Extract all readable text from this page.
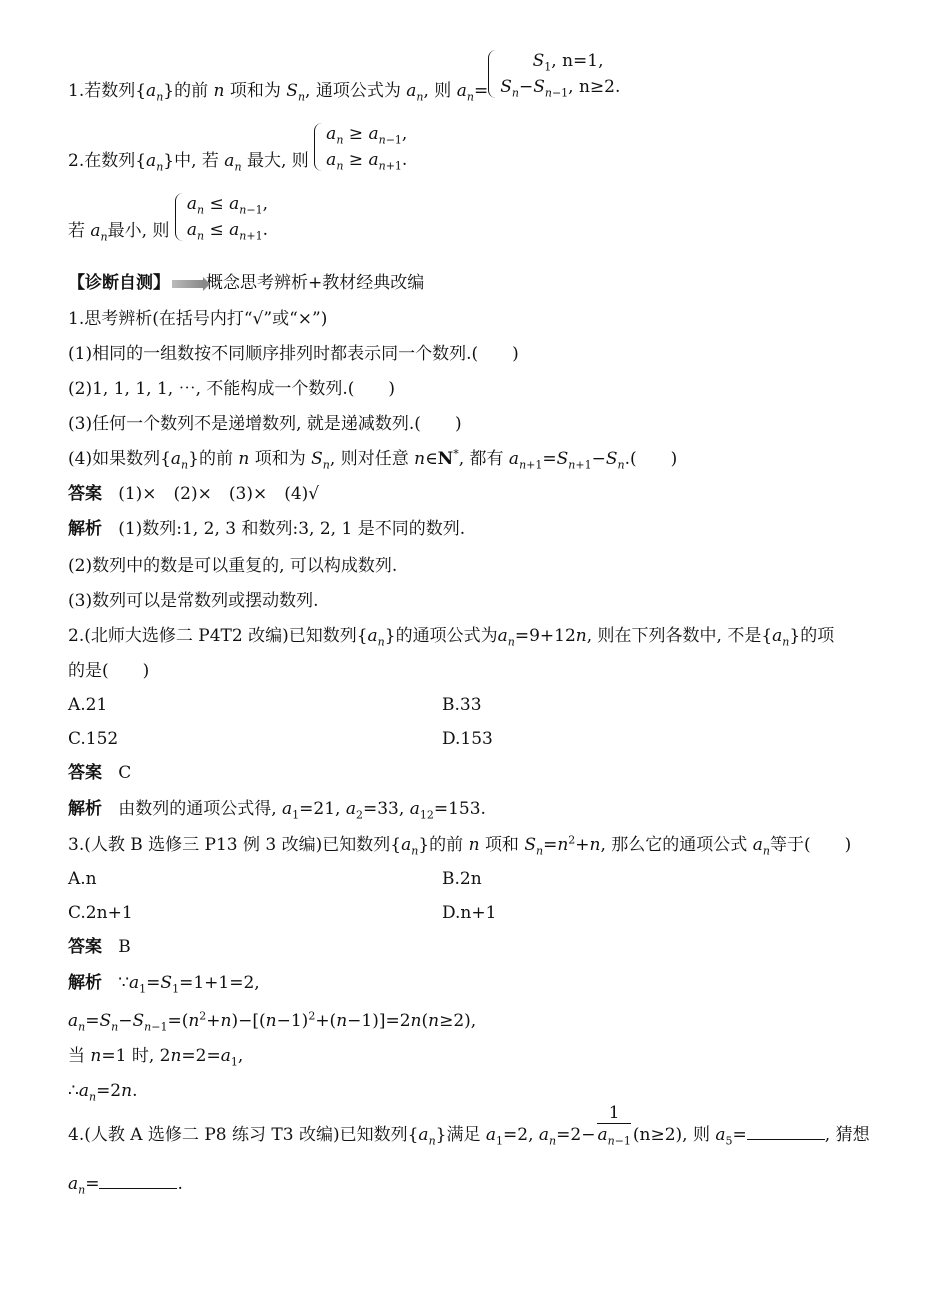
1.若数列$\{a_n\}$的前 n 项和为 $S_n$, 通项公式为 $a_n$, 则 $a_n=$
$S_1$, n=1,
$S_n-S_{n-1}$, n≥2.
2.在数列$\{a_n\}$中, 若 $a_n$ 最大, 则
$a_n \ge a_{n-1}$,
$a_n \ge a_{n+1}$.
若 $a_n$最小, 则
$a_n \le a_{n-1}$,
$a_n \le a_{n+1}$.
【诊断自测】 概念思考辨析+教材经典改编
1.思考辨析(在括号内打“√”或“×”)
(1)相同的一组数按不同顺序排列时都表示同一个数列.( )
(2)1, 1, 1, 1, ⋯, 不能构成一个数列.( )
(3)任何一个数列不是递增数列, 就是递减数列.( )
(4)如果数列$\{a_n\}$的前 n 项和为 $S_n$, 则对任意 n∈N*, 都有 $a_{n+1}=S_{n+1}-S_n$.( )
答案 (1)×　(2)×　(3)×　(4)√
解析 (1)数列:1, 2, 3 和数列:3, 2, 1 是不同的数列.
(2)数列中的数是可以重复的, 可以构成数列.
(3)数列可以是常数列或摆动数列.
2.(北师大选修二 P4T2 改编)已知数列$\{a_n\}$的通项公式为$a_n=9+12n$, 则在下列各数中, 不是$\{a_n\}$的项
的是( )
A.21	B.33
C.152	D.153
答案 C
解析 由数列的通项公式得, $a_1=21$, $a_2=33$, $a_{12}=153$.
3.(人教 B 选修三 P13 例 3 改编)已知数列$\{a_n\}$的前 n 项和 $S_n=n^2+n$, 那么它的通项公式 $a_n$等于( )
A.n	B.2n
C.2n+1	D.n+1
答案 B
解析   $\because a_1=S_1=1+1=2$,
$a_n=S_n-S_{n-1}=(n^2+n)-[(n-1)^2+(n-1)]=2n(n\ge 2)$,
当 n=1 时, $2n=2=a_1$,
$\therefore a_n=2n$.
4.(人教 A 选修二 P8 练习 T3 改编)已知数列$\{a_n\}$满足 $a_1=2$, $a_n=2- \frac{1}{a_{n-1}} (n\ge 2)$, 则 $a_5=$	, 猜想
$a_n=$	.
